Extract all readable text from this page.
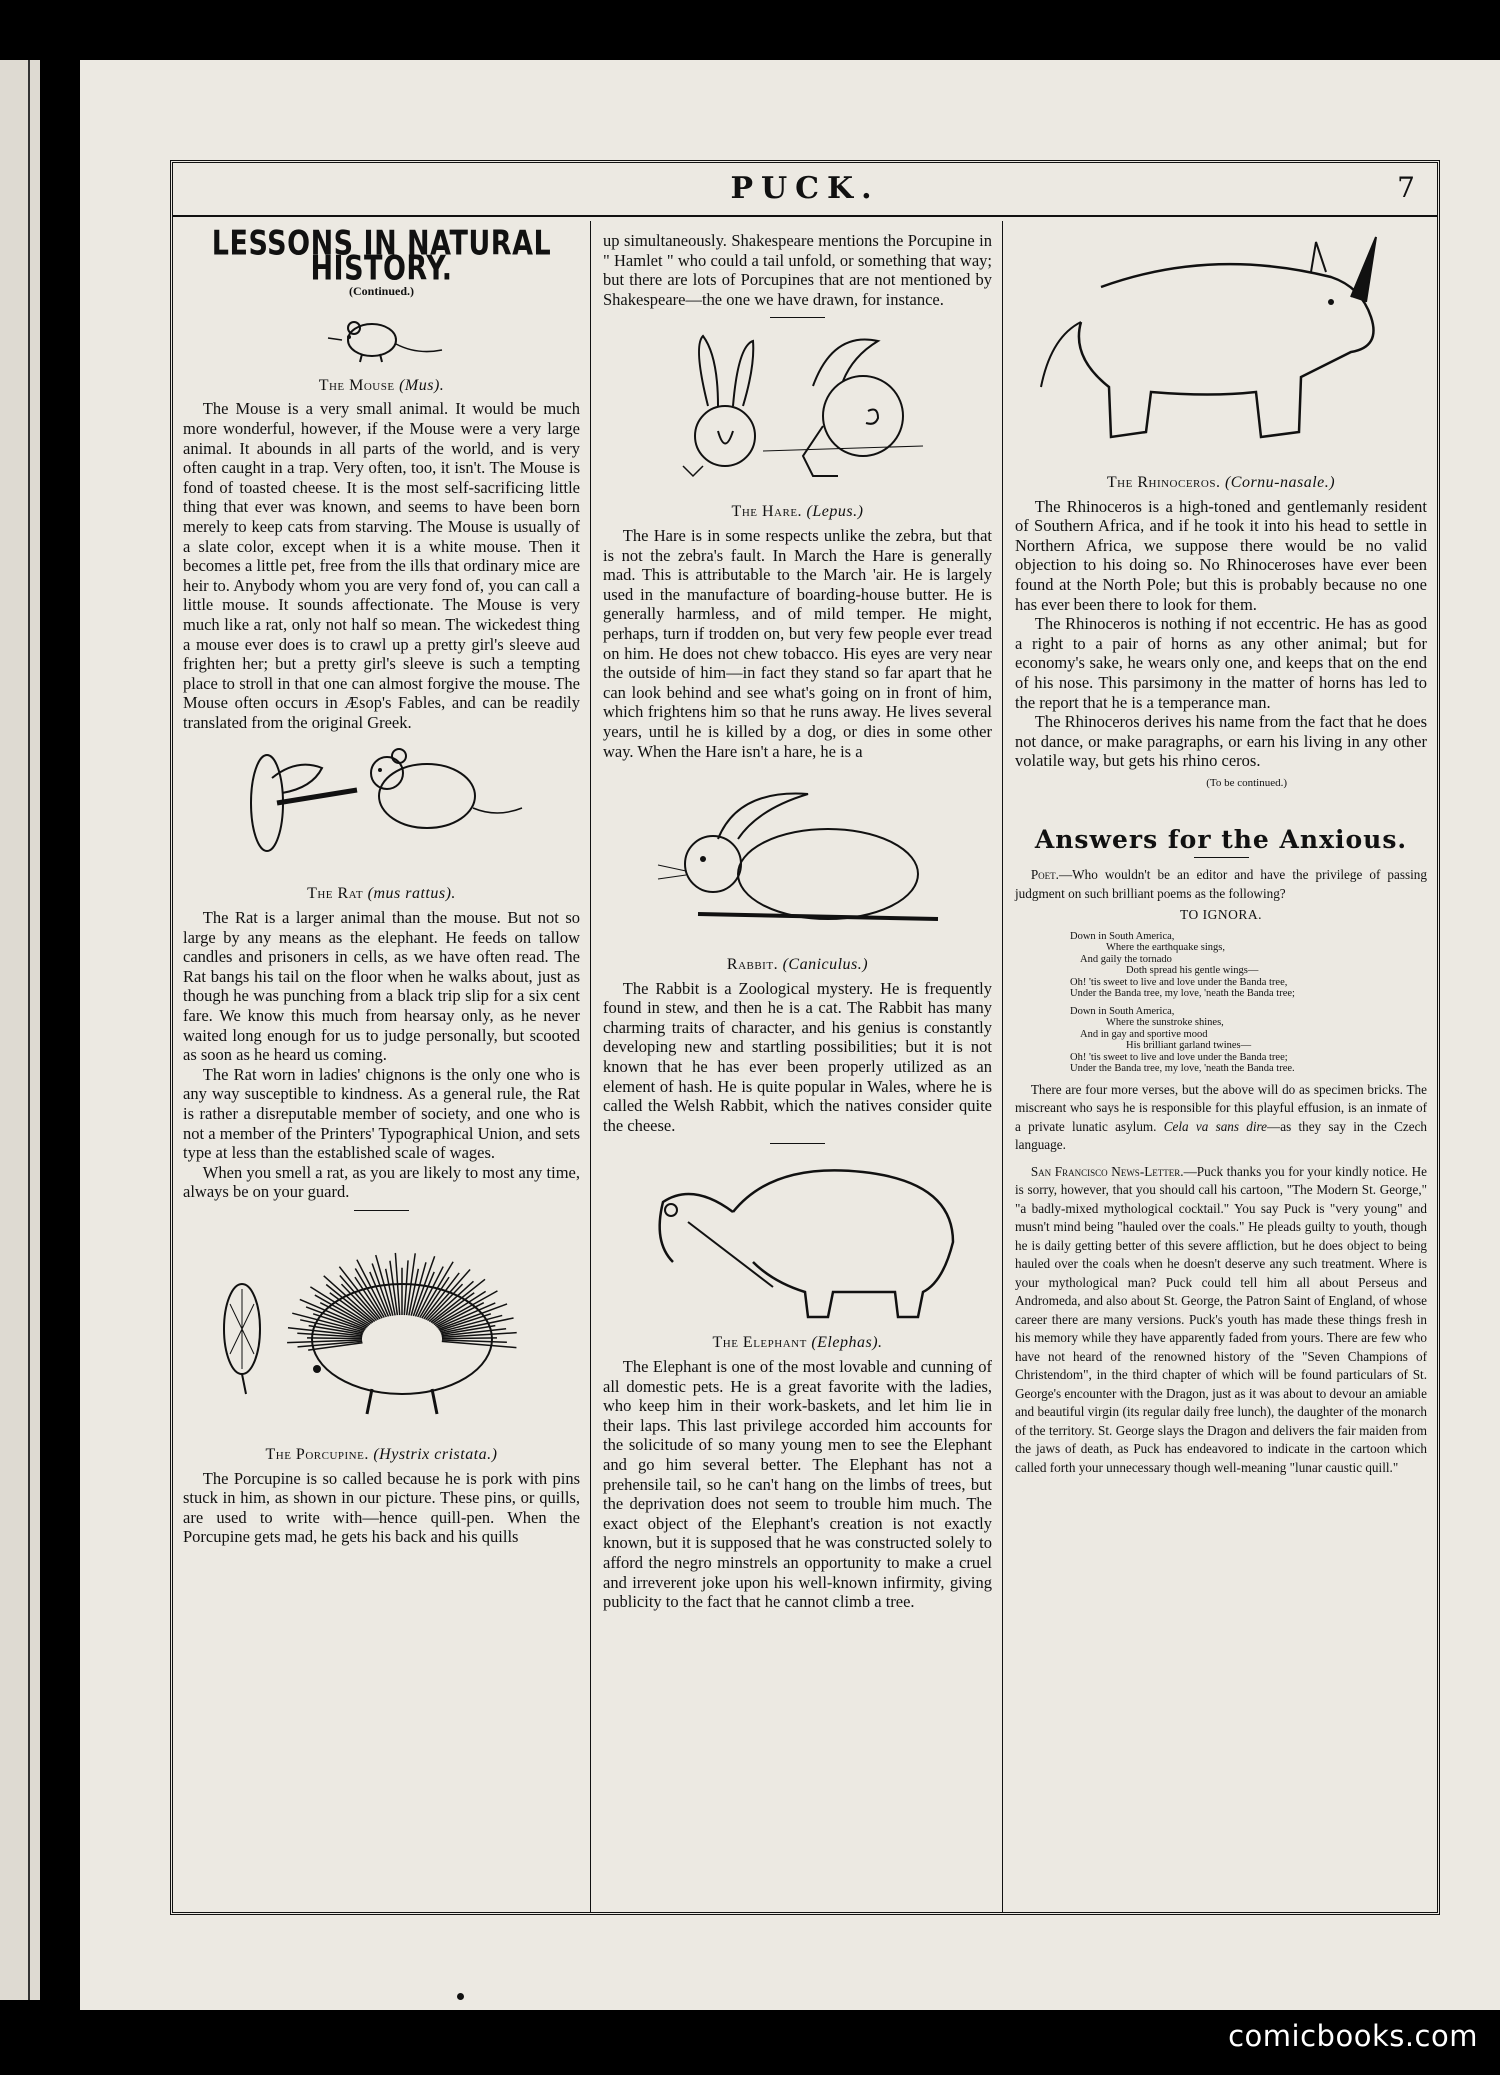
PUCK.	7
LESSONS IN NATURAL HISTORY.
(Continued.)
The Mouse (Mus).

The Mouse is a very small animal. It would be much more wonderful, however, if the Mouse were a very large animal. It abounds in all parts of the world, and is very often caught in a trap. Very often, too, it isn't. The Mouse is fond of toasted cheese. It is the most self-sacrificing little thing that ever was known, and seems to have been born merely to keep cats from starving. The Mouse is usually of a slate color, except when it is a white mouse. Then it becomes a little pet, free from the ills that ordinary mice are heir to. Anybody whom you are very fond of, you can call a little mouse. It sounds affectionate. The Mouse is very much like a rat, only not half so mean. The wickedest thing a mouse ever does is to crawl up a pretty girl's sleeve aud frighten her; but a pretty girl's sleeve is such a tempting place to stroll in that one can almost forgive the mouse. The Mouse often occurs in Æsop's Fables, and can be readily translated from the original Greek.

The Rat (mus rattus).

The Rat is a larger animal than the mouse. But not so large by any means as the elephant. He feeds on tallow candles and prisoners in cells, as we have often read. The Rat bangs his tail on the floor when he walks about, just as though he was punching from a black trip slip for a six cent fare. We know this much from hearsay only, as he never waited long enough for us to judge personally, but scooted as soon as he heard us coming.

The Rat worn in ladies' chignons is the only one who is any way susceptible to kindness. As a general rule, the Rat is rather a disreputable member of society, and one who is not a member of the Printers' Typographical Union, and sets type at less than the established scale of wages.

When you smell a rat, as you are likely to most any time, always be on your guard.

The Porcupine. (Hystrix cristata.)

The Porcupine is so called because he is pork with pins stuck in him, as shown in our picture. These pins, or quills, are used to write with—hence quill-pen. When the Porcupine gets mad, he gets his back and his quills

up simultaneously. Shakespeare mentions the Porcupine in " Hamlet " who could a tail unfold, or something that way; but there are lots of Porcupines that are not mentioned by Shakespeare—the one we have drawn, for instance.

The Hare. (Lepus.)

The Hare is in some respects unlike the zebra, but that is not the zebra's fault. In March the Hare is generally mad. This is attributable to the March 'air. He is largely used in the manufacture of boarding-house butter. He is generally harmless, and of mild temper. He might, perhaps, turn if trodden on, but very few people ever tread on him. He does not chew tobacco. His eyes are very near the outside of him—in fact they stand so far apart that he can look behind and see what's going on in front of him, which frightens him so that he runs away. He lives several years, until he is killed by a dog, or dies in some other way. When the Hare isn't a hare, he is a

Rabbit. (Caniculus.)

The Rabbit is a Zoological mystery. He is frequently found in stew, and then he is a cat. The Rabbit has many charming traits of character, and his genius is constantly developing new and startling possibilities; but it is not known that he has ever been properly utilized as an element of hash. He is quite popular in Wales, where he is called the Welsh Rabbit, which the natives consider quite the cheese.

The Elephant (Elephas).

The Elephant is one of the most lovable and cunning of all domestic pets. He is a great favorite with the ladies, who keep him in their work-baskets, and let him lie in their laps. This last privilege accorded him accounts for the solicitude of so many young men to see the Elephant and go him several better. The Elephant has not a prehensile tail, so he can't hang on the limbs of trees, but the deprivation does not seem to trouble him much. The exact object of the Elephant's creation is not exactly known, but it is supposed that he was constructed solely to afford the negro minstrels an opportunity to make a cruel and irreverent joke upon his well-known infirmity, giving publicity to the fact that he cannot climb a tree.

The Rhinoceros. (Cornu-nasale.)

The Rhinoceros is a high-toned and gentlemanly resident of Southern Africa, and if he took it into his head to settle in Northern Africa, we suppose there would be no valid objection to his doing so. No Rhinoceroses have ever been found at the North Pole; but this is probably because no one has ever been there to look for them.

The Rhinoceros is nothing if not eccentric. He has as good a right to a pair of horns as any other animal; but for economy's sake, he wears only one, and keeps that on the end of his nose. This parsimony in the matter of horns has led to the report that he is a temperance man.

The Rhinoceros derives his name from the fact that he does not dance, or make paragraphs, or earn his living in any other volatile way, but gets his rhino ceros.

(To be continued.)
Answers for the Anxious.

Poet.—Who wouldn't be an editor and have the privilege of passing judgment on such brilliant poems as the following?

TO IGNORA.
Down in South America,
Where the earthquake sings,
And gaily the tornado
Doth spread his gentle wings—
Oh! 'tis sweet to live and love under the Banda tree,
Under the Banda tree, my love, 'neath the Banda tree;
Down in South America,
Where the sunstroke shines,
And in gay and sportive mood
His brilliant garland twines—
Oh! 'tis sweet to live and love under the Banda tree;
Under the Banda tree, my love, 'neath the Banda tree.

There are four more verses, but the above will do as specimen bricks. The miscreant who says he is responsible for this playful effusion, is an inmate of a private lunatic asylum. Cela va sans dire—as they say in the Czech language.

San Francisco News-Letter.—Puck thanks you for your kindly notice. He is sorry, however, that you should call his cartoon, "The Modern St. George," "a badly-mixed mythological cocktail." You say Puck is "very young" and musn't mind being "hauled over the coals." He pleads guilty to youth, though he is daily getting better of this severe affliction, but he does object to being hauled over the coals when he doesn't deserve any such treatment. Where is your mythological man? Puck could tell him all about Perseus and Andromeda, and also about St. George, the Patron Saint of England, of whose career there are many versions. Puck's youth has made these things fresh in his memory while they have apparently faded from yours. There are few who have not heard of the renowned history of the "Seven Champions of Christendom", in the third chapter of which will be found particulars of St. George's encounter with the Dragon, just as it was about to devour an amiable and beautiful virgin (its regular daily free lunch), the daughter of the monarch of the territory. St. George slays the Dragon and delivers the fair maiden from the jaws of death, as Puck has endeavored to indicate in the cartoon which called forth your unnecessary though well-meaning "lunar caustic quill."

comicbooks.com
